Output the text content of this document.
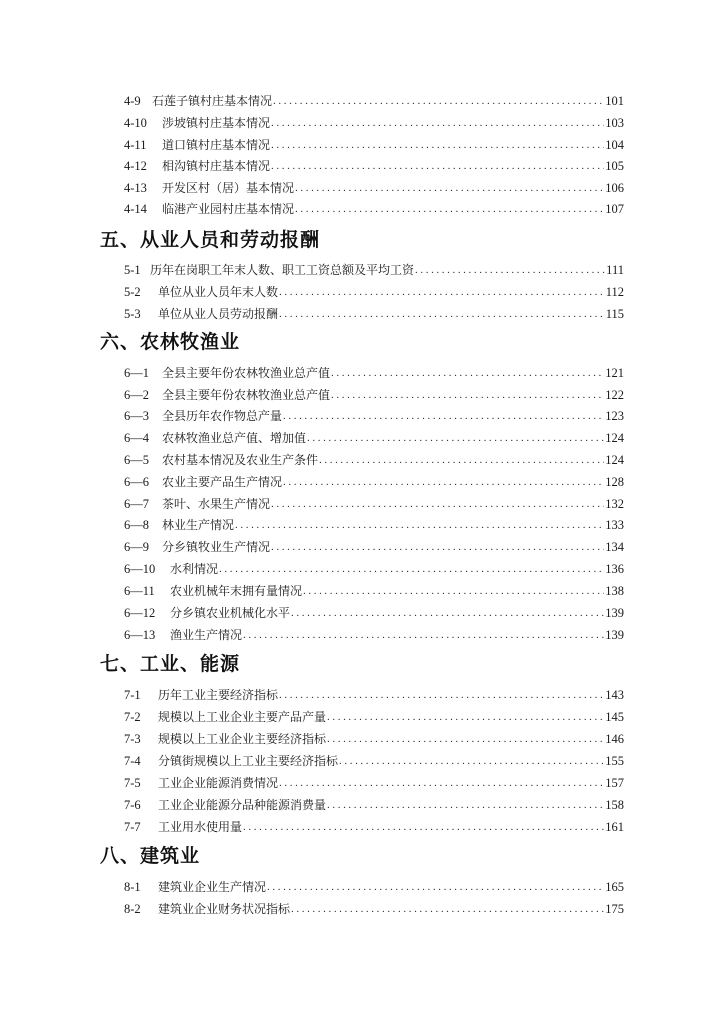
4-9 石莲子镇村庄基本情况 .....	101
4-10	涉坡镇村庄基本情况 .....	103
4-11	道口镇村庄基本情况 .....	104
4-12	相沟镇村庄基本情况 .....	105
4-13	开发区村（居）基本情况 .....	106
4-14	临港产业园村庄基本情况 .....	107
五、从业人员和劳动报酬
5-1 历年在岗职工年末人数、职工工资总额及平均工资 .....	111
5-2	单位从业人员年末人数 .....	112
5-3	单位从业人员劳动报酬 .....	115
六、农林牧渔业
6—1	全县主要年份农林牧渔业总产值 .....	121
6—2	全县主要年份农林牧渔业总产值 .....	122
6—3	全县历年农作物总产量 .....	123
6—4	农林牧渔业总产值、增加值 .....	124
6—5	农村基本情况及农业生产条件 .....	124
6—6	农业主要产品生产情况 .....	128
6—7	茶叶、水果生产情况 .....	132
6—8	林业生产情况 .....	133
6—9	分乡镇牧业生产情况 .....	134
6—10	水利情况 .....	136
6—11	农业机械年末拥有量情况 .....	138
6—12	分乡镇农业机械化水平 .....	139
6—13	渔业生产情况 .....	139
七、工业、能源
7-1	历年工业主要经济指标 .....	143
7-2	规模以上工业企业主要产品产量 .....	145
7-3	规模以上工业企业主要经济指标 .....	146
7-4	分镇街规模以上工业主要经济指标 .....	155
7-5	工业企业能源消费情况 .....	157
7-6	工业企业能源分品种能源消费量 .....	158
7-7	工业用水使用量 .....	161
八、建筑业
8-1	建筑业企业生产情况 .....	165
8-2	建筑业企业财务状况指标 .....	175
